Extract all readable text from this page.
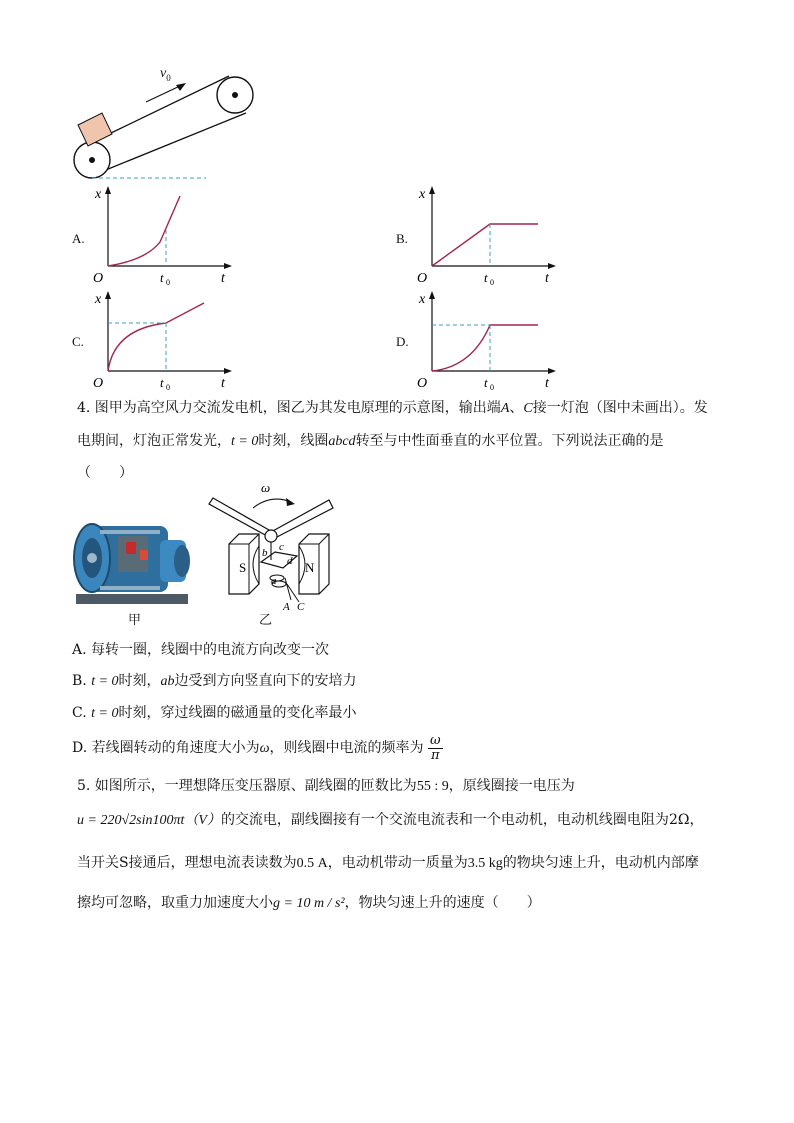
$v_0$
A.
x
t
O	t 0
B.
x
t
O	t 0
C.
x
t
O	t 0
D.
x
t
O	t 0
4. 图甲为高空风力交流发电机，图乙为其发电原理的示意图，输出端A、C接一灯泡（图中未画出）。发
电期间，灯泡正常发光，t = 0时刻，线圈abcd转至与中性面垂直的水平位置。下列说法正确的是
（　　）
甲
ω
S	N
b c
a
d
A C
乙
A. 每转一圈，线圈中的电流方向改变一次
B. t = 0时刻，ab边受到方向竖直向下的安培力
C. t = 0时刻，穿过线圈的磁通量的变化率最小
D. 若线圈转动的角速度大小为ω，则线圈中电流的频率为 $\frac{\omega}{\pi}$
5. 如图所示，一理想降压变压器原、副线圈的匝数比为55 : 9，原线圈接一电压为
u = 220√2sin100πt（V）的交流电，副线圈接有一个交流电流表和一个电动机，电动机线圈电阻为2Ω，
当开关S接通后，理想电流表读数为0.5 A，电动机带动一质量为3.5 kg的物块匀速上升，电动机内部摩
擦均可忽略，取重力加速度大小g = 10 m / s²，物块匀速上升的速度（　　）
